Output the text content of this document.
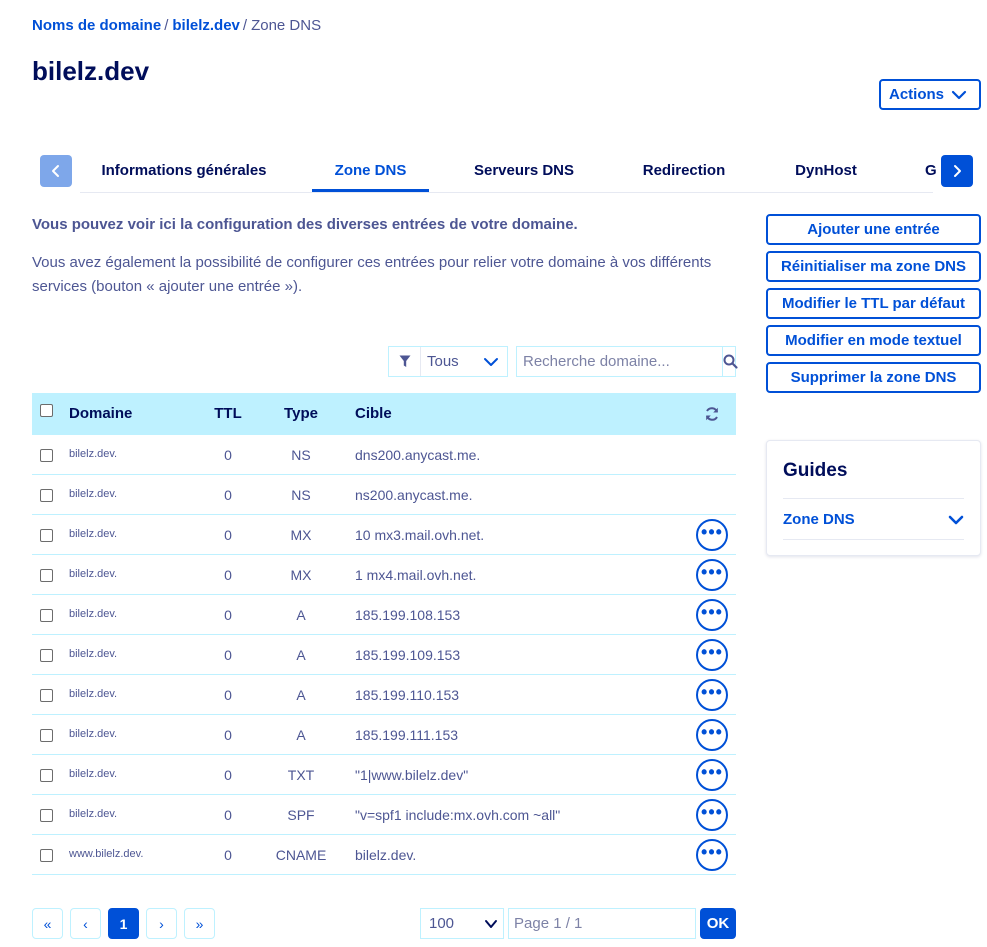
Noms de domaine / bilelz.dev / Zone DNS
bilelz.dev
Actions
Informations générales	Zone DNS	Serveurs DNS	Redirection	DynHost	G

Vous pouvez voir ici la configuration des diverses entrées de votre domaine.

Vous avez également la possibilité de configurer ces entrées pour relier votre domaine à vos différents services (bouton « ajouter une entrée »).

Ajouter une entrée
Réinitialiser ma zone DNS
Modifier le TTL par défaut
Modifier en mode textuel
Supprimer la zone DNS
Guides
Zone DNS
Tous
Recherche domaine...
Domaine	TTL	Type	Cible
bilelz.dev.	0	NS	dns200.anycast.me.
bilelz.dev.	0	NS	ns200.anycast.me.
bilelz.dev.	0	MX	10 mx3.mail.ovh.net.	•••
bilelz.dev.	0	MX	1 mx4.mail.ovh.net.	•••
bilelz.dev.	0	A	185.199.108.153	•••
bilelz.dev.	0	A	185.199.109.153	•••
bilelz.dev.	0	A	185.199.110.153	•••
bilelz.dev.	0	A	185.199.111.153	•••
bilelz.dev.	0	TXT	"1|www.bilelz.dev"	•••
bilelz.dev.	0	SPF	"v=spf1 include:mx.ovh.com ~all"	•••
www.bilelz.dev.	0	CNAME	bilelz.dev.	•••
«	‹	1	›	»	100
Page 1 / 1	OK
